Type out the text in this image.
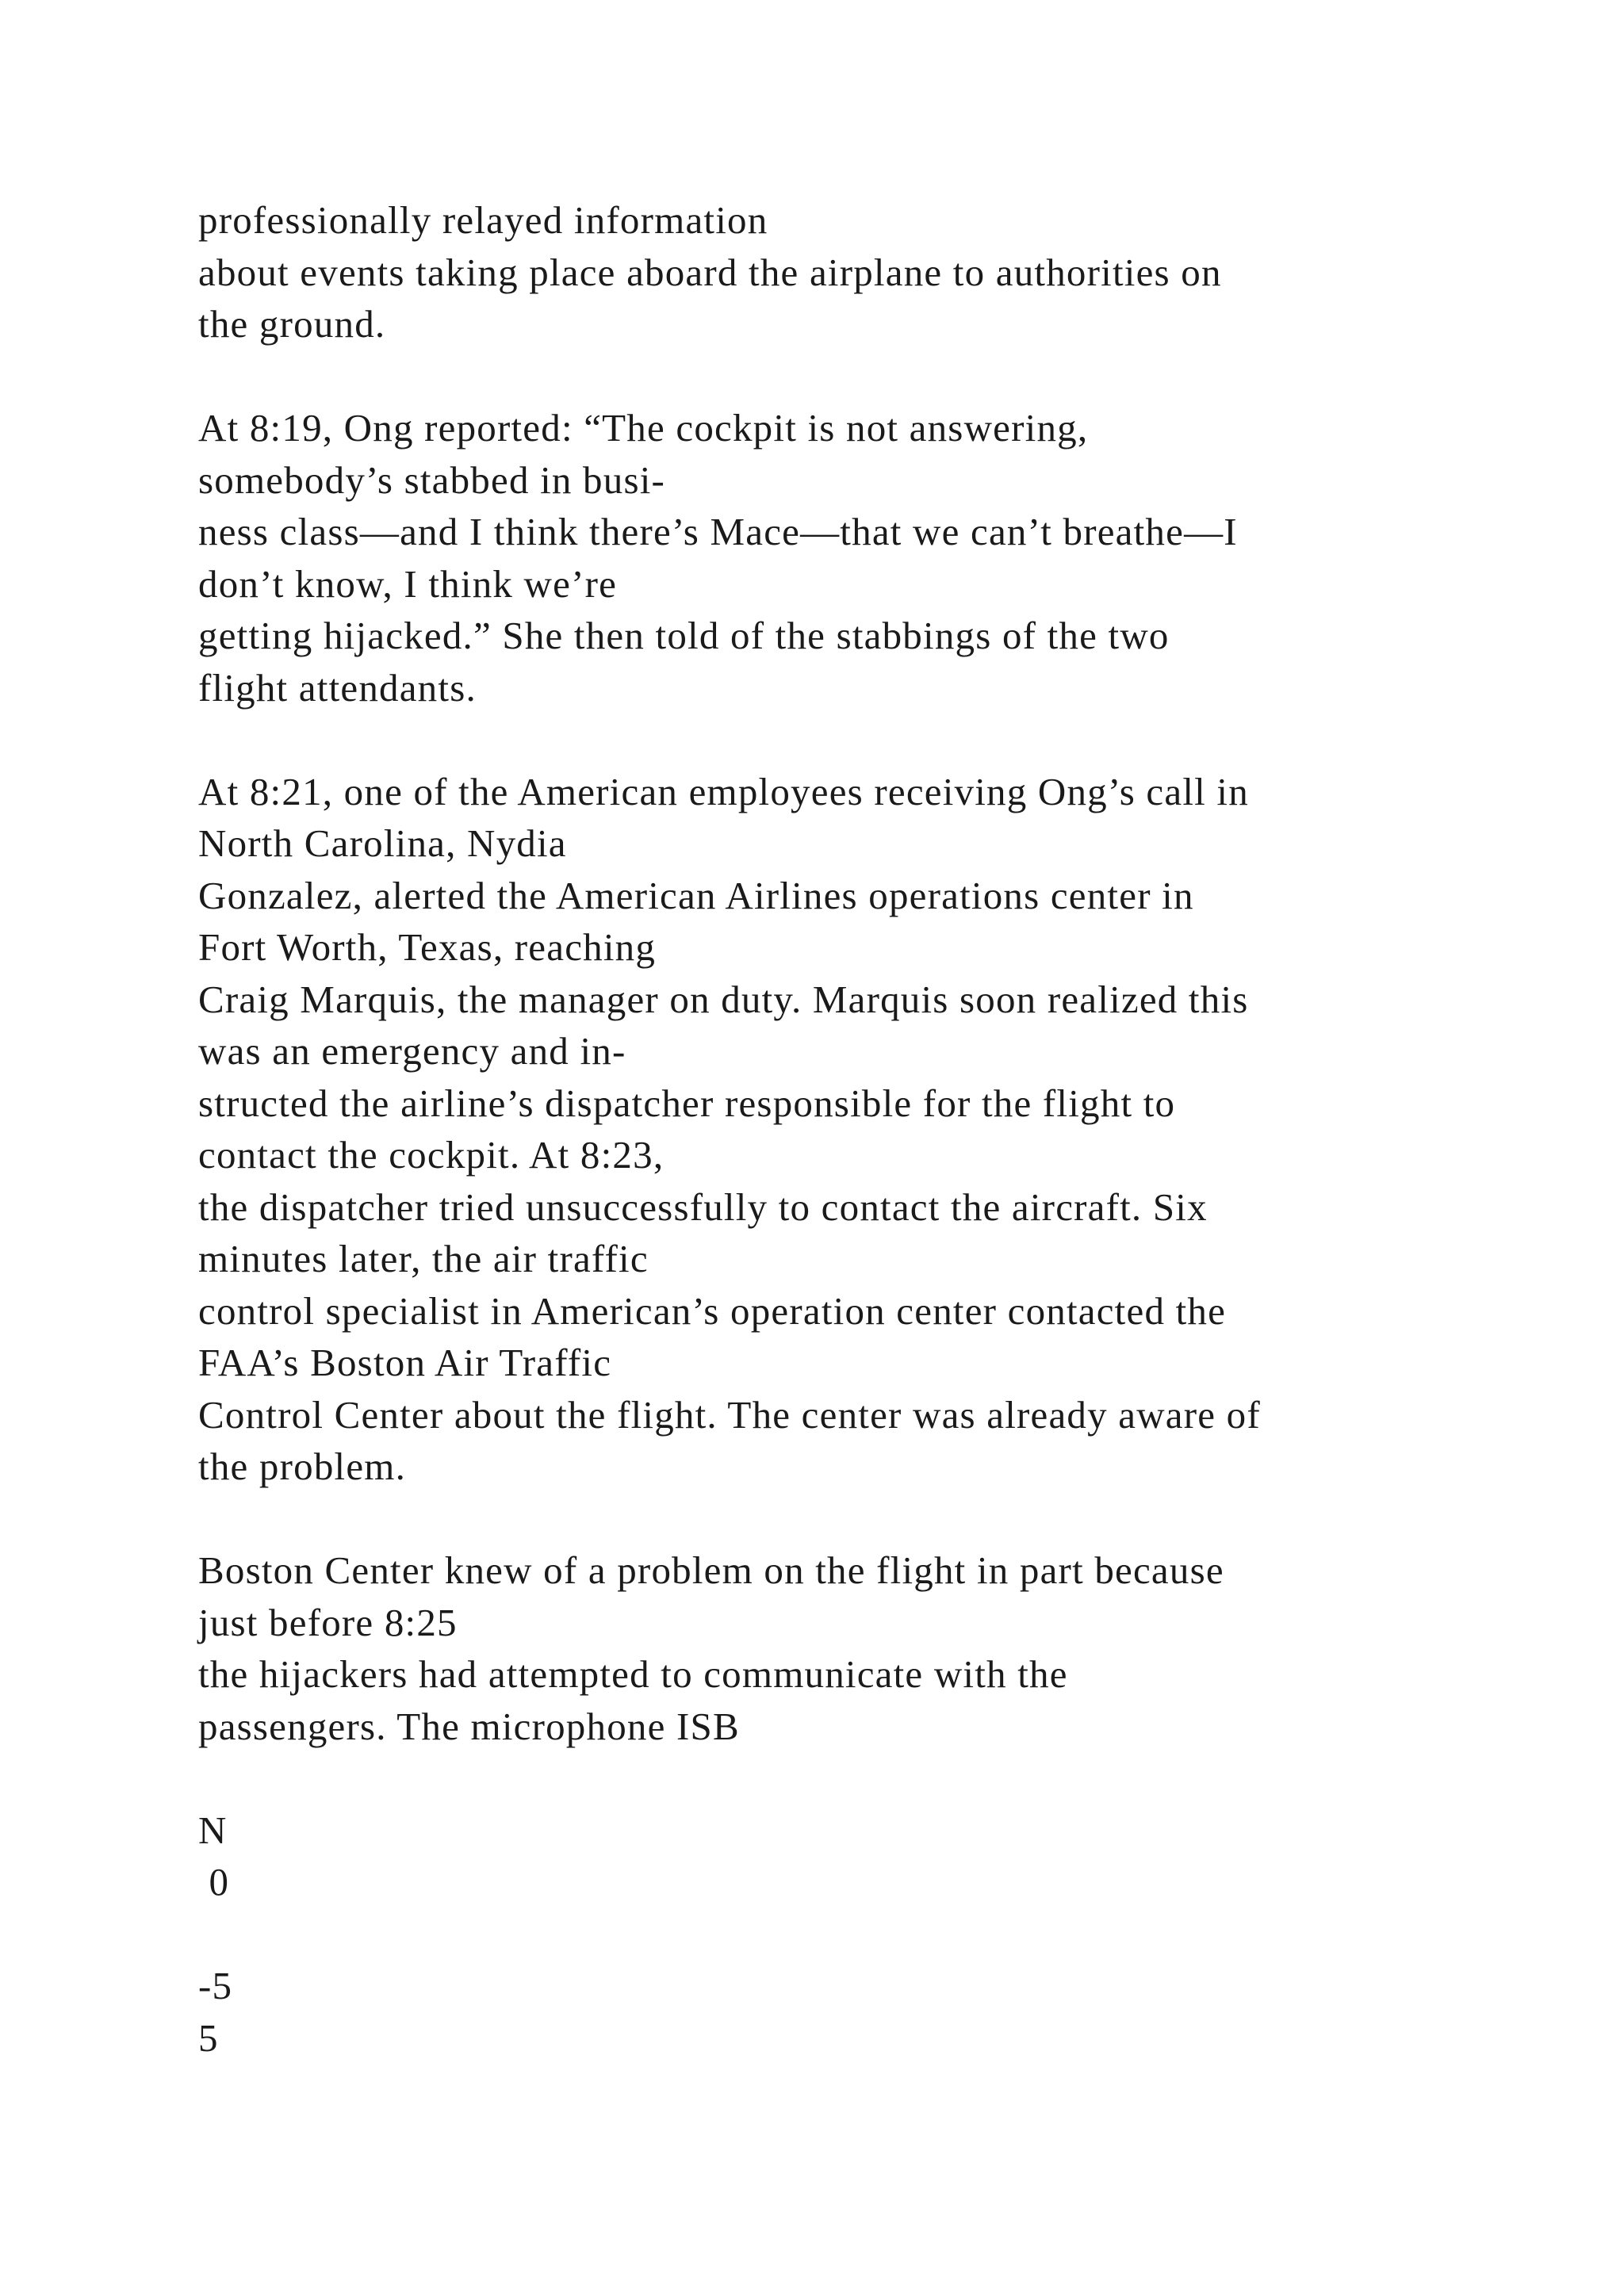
professionally relayed information
about events taking place aboard the airplane to authorities on
the ground.
At 8:19, Ong reported: “The cockpit is not answering,
somebody’s stabbed in busi-
ness class—and I think there’s Mace—that we can’t breathe—I
don’t know, I think we’re
getting hijacked.” She then told of the stabbings of the two
flight attendants.
At 8:21, one of the American employees receiving Ong’s call in
North Carolina, Nydia
Gonzalez, alerted the American Airlines operations center in
Fort Worth, Texas, reaching
Craig Marquis, the manager on duty. Marquis soon realized this
was an emergency and in-
structed the airline’s dispatcher responsible for the flight to
contact the cockpit. At 8:23,
the dispatcher tried unsuccessfully to contact the aircraft. Six
minutes later, the air traffic
control specialist in American’s operation center contacted the
FAA’s Boston Air Traffic
Control Center about the flight. The center was already aware of
the problem.
Boston Center knew of a problem on the flight in part because
just before 8:25
the hijackers had attempted to communicate with the
passengers. The microphone ISB
N
0
-5
5
